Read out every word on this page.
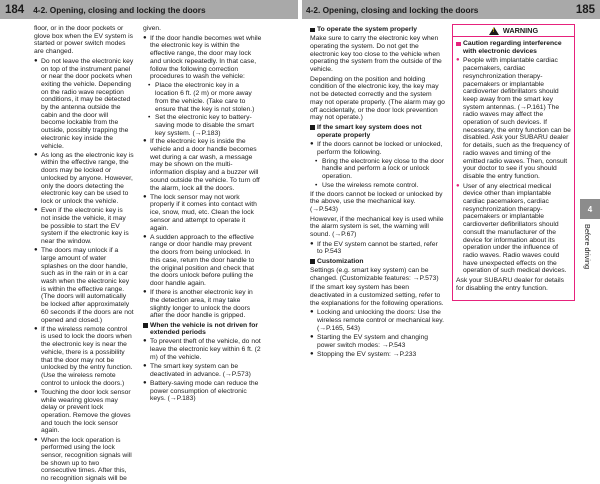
184	4-2. Opening, closing and locking the doors	4-2. Opening, closing and locking the doors	185

floor, or in the door pockets or glove box when the EV system is started or power switch modes are changed.

● Do not leave the electronic key on top of the instrument panel or near the door pockets when exiting the vehicle. Depending on the radio wave reception conditions, it may be detected by the antenna outside the cabin and the door will become lockable from the outside, possibly trapping the electronic key inside the vehicle.
● As long as the electronic key is within the effective range, the doors may be locked or unlocked by anyone. However, only the doors detecting the electronic key can be used to lock or unlock the vehicle.
● Even if the electronic key is not inside the vehicle, it may be possible to start the EV system if the electronic key is near the window.
● The doors may unlock if a large amount of water splashes on the door handle, such as in the rain or in a car wash when the electronic key is within the effective range. (The doors will automatically be locked after approximately 60 seconds if the doors are not opened and closed.)
● If the wireless remote control is used to lock the doors when the electronic key is near the vehicle, there is a possibility that the door may not be unlocked by the entry function. (Use the wireless remote control to unlock the doors.)
● Touching the door lock sensor while wearing gloves may delay or prevent lock operation. Remove the gloves and touch the lock sensor again.
● When the lock operation is performed using the lock sensor, recognition signals will be shown up to two consecutive times. After this, no recognition signals will be

given.

● If the door handle becomes wet while the electronic key is within the effective range, the door may lock and unlock repeatedly. In that case, follow the following correction procedures to wash the vehicle:
• Place the electronic key in a location 6 ft. (2 m) or more away from the vehicle. (Take care to ensure that the key is not stolen.)
• Set the electronic key to battery-saving mode to disable the smart key system. (→P.183)
● If the electronic key is inside the vehicle and a door handle becomes wet during a car wash, a message may be shown on the multi-information display and a buzzer will sound outside the vehicle. To turn off the alarm, lock all the doors.
● The lock sensor may not work properly if it comes into contact with ice, snow, mud, etc. Clean the lock sensor and attempt to operate it again.
● A sudden approach to the effective range or door handle may prevent the doors from being unlocked. In this case, return the door handle to the original position and check that the doors unlock before pulling the door handle again.
● If there is another electronic key in the detection area, it may take slightly longer to unlock the doors after the door handle is gripped.
When the vehicle is not driven for extended periods
● To prevent theft of the vehicle, do not leave the electronic key within 6 ft. (2 m) of the vehicle.
● The smart key system can be deactivated in advance. (→P.573)
● Battery-saving mode can reduce the power consumption of electronic keys. (→P.183)
To operate the system properly

Make sure to carry the electronic key when operating the system. Do not get the electronic key too close to the vehicle when operating the system from the outside of the vehicle.

Depending on the position and holding condition of the electronic key, the key may not be detected correctly and the system may not operate properly. (The alarm may go off accidentally, or the door lock prevention may not operate.)

If the smart key system does not operate properly
● If the doors cannot be locked or unlocked, perform the following.
• Bring the electronic key close to the door handle and perform a lock or unlock operation.
• Use the wireless remote control.

If the doors cannot be locked or unlocked by the above, use the mechanical key. (→P.543)

However, if the mechanical key is used while the alarm system is set, the warning will sound. (→P.67)

● If the EV system cannot be started, refer to P.543
Customization

Settings (e.g. smart key system) can be changed. (Customizable features: →P.573)

If the smart key system has been deactivated in a customized setting, refer to the explanations for the following operations.

● Locking and unlocking the doors: Use the wireless remote control or mechanical key. (→P.165, 543)
● Starting the EV system and changing power switch modes: →P.543
● Stopping the EV system: →P.233
!
WARNING
Caution regarding interference with electronic devices
● People with implantable cardiac pacemakers, cardiac resynchronization therapy-pacemakers or implantable cardioverter defibrillators should keep away from the smart key system antennas. (→P.161) The radio waves may affect the operation of such devices. If necessary, the entry function can be disabled. Ask your SUBARU dealer for details, such as the frequency of radio waves and timing of the emitted radio waves. Then, consult your doctor to see if you should disable the entry function.
● User of any electrical medical device other than implantable cardiac pacemakers, cardiac resynchronization therapy-pacemakers or implantable cardioverter defibrillators should consult the manufacturer of the device for information about its operation under the influence of radio waves. Radio waves could have unexpected effects on the operation of such medical devices.

Ask your SUBARU dealer for details for disabling the entry function.

4
Before driving
